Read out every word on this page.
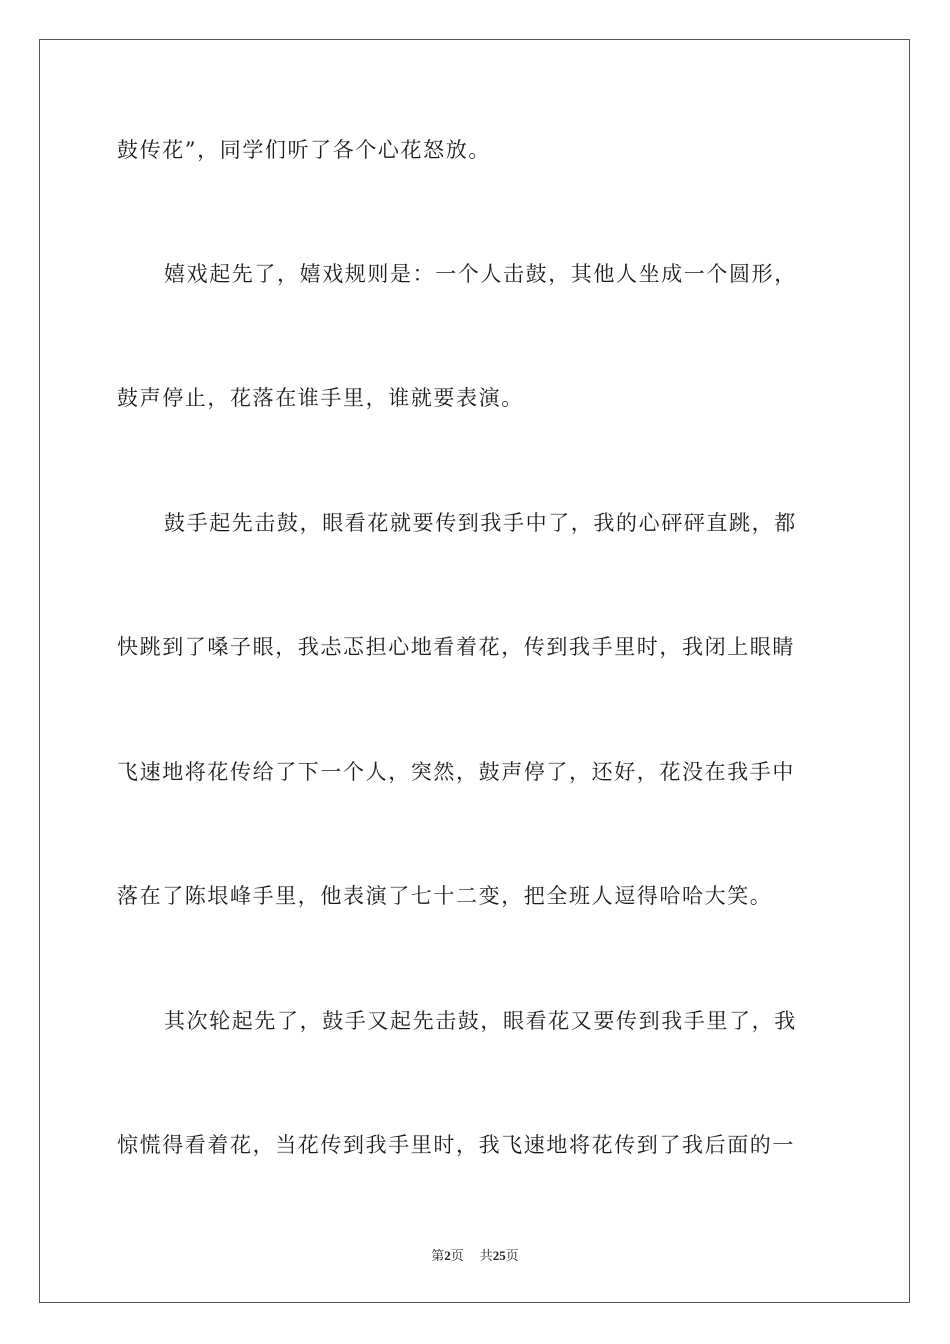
鼓传花”，同学们听了各个心花怒放。
嬉戏起先了，嬉戏规则是：一个人击鼓，其他人坐成一个圆形，
鼓声停止，花落在谁手里，谁就要表演。
鼓手起先击鼓，眼看花就要传到我手中了，我的心砰砰直跳，都
快跳到了嗓子眼，我忐忑担心地看着花，传到我手里时，我闭上眼睛
飞速地将花传给了下一个人，突然，鼓声停了，还好，花没在我手中
落在了陈垠峰手里，他表演了七十二变，把全班人逗得哈哈大笑。
其次轮起先了，鼓手又起先击鼓，眼看花又要传到我手里了，我
惊慌得看着花，当花传到我手里时，我飞速地将花传到了我后面的一
第2页 共25页
